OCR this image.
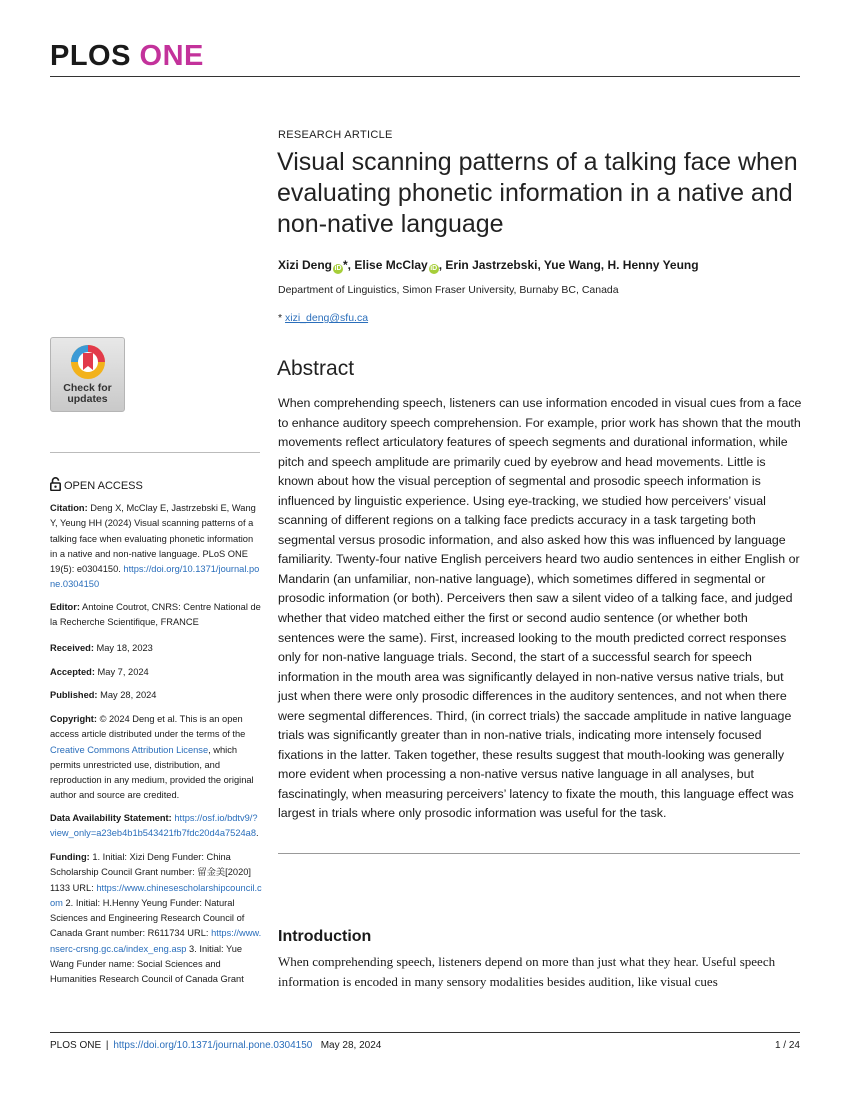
PLOS ONE
Check for
updates
OPEN ACCESS
Citation: Deng X, McClay E, Jastrzebski E, Wang Y, Yeung HH (2024) Visual scanning patterns of a talking face when evaluating phonetic information in a native and non-native language. PLoS ONE 19(5): e0304150. https://doi.org/10.1371/journal.pone.0304150
Editor: Antoine Coutrot, CNRS: Centre National de la Recherche Scientifique, FRANCE
Received: May 18, 2023
Accepted: May 7, 2024
Published: May 28, 2024
Copyright: © 2024 Deng et al. This is an open access article distributed under the terms of the Creative Commons Attribution License, which permits unrestricted use, distribution, and reproduction in any medium, provided the original author and source are credited.
Data Availability Statement: https://osf.io/bdtv9/?view_only=a23eb4b1b543421fb7fdc20d4a7524a8.
Funding: 1. Initial: Xizi Deng Funder: China Scholarship Council Grant number: 留金美[2020] 1133 URL: https://www.chinesescholarshipcouncil.com 2. Initial: H.Henny Yeung Funder: Natural Sciences and Engineering Research Council of Canada Grant number: R611734 URL: https://www.nserc-crsng.gc.ca/index_eng.asp 3. Initial: Yue Wang Funder name: Social Sciences and Humanities Research Council of Canada Grant
RESEARCH ARTICLE
Visual scanning patterns of a talking face when evaluating phonetic information in a native and non-native language
Xizi Deng iD *, Elise McClay iD , Erin Jastrzebski, Yue Wang, H. Henny Yeung
Department of Linguistics, Simon Fraser University, Burnaby BC, Canada
* xizi_deng@sfu.ca
Abstract
When comprehending speech, listeners can use information encoded in visual cues from a face to enhance auditory speech comprehension. For example, prior work has shown that the mouth movements reflect articulatory features of speech segments and durational information, while pitch and speech amplitude are primarily cued by eyebrow and head movements. Little is known about how the visual perception of segmental and prosodic speech information is influenced by linguistic experience. Using eye-tracking, we studied how perceivers’ visual scanning of different regions on a talking face predicts accuracy in a task targeting both segmental versus prosodic information, and also asked how this was influenced by language familiarity. Twenty-four native English perceivers heard two audio sentences in either English or Mandarin (an unfamiliar, non-native language), which sometimes differed in segmental or prosodic information (or both). Perceivers then saw a silent video of a talking face, and judged whether that video matched either the first or second audio sentence (or whether both sentences were the same). First, increased looking to the mouth predicted correct responses only for non-native language trials. Second, the start of a successful search for speech information in the mouth area was significantly delayed in non-native versus native trials, but just when there were only prosodic differences in the auditory sentences, and not when there were segmental differences. Third, (in correct trials) the saccade amplitude in native language trials was significantly greater than in non-native trials, indicating more intensely focused fixations in the latter. Taken together, these results suggest that mouth-looking was generally more evident when processing a non-native versus native language in all analyses, but fascinatingly, when measuring perceivers’ latency to fixate the mouth, this language effect was largest in trials where only prosodic information was useful for the task.
Introduction
When comprehending speech, listeners depend on more than just what they hear. Useful speech information is encoded in many sensory modalities besides audition, like visual cues
PLOS ONE | https://doi.org/10.1371/journal.pone.0304150 May 28, 2024	1 / 24
